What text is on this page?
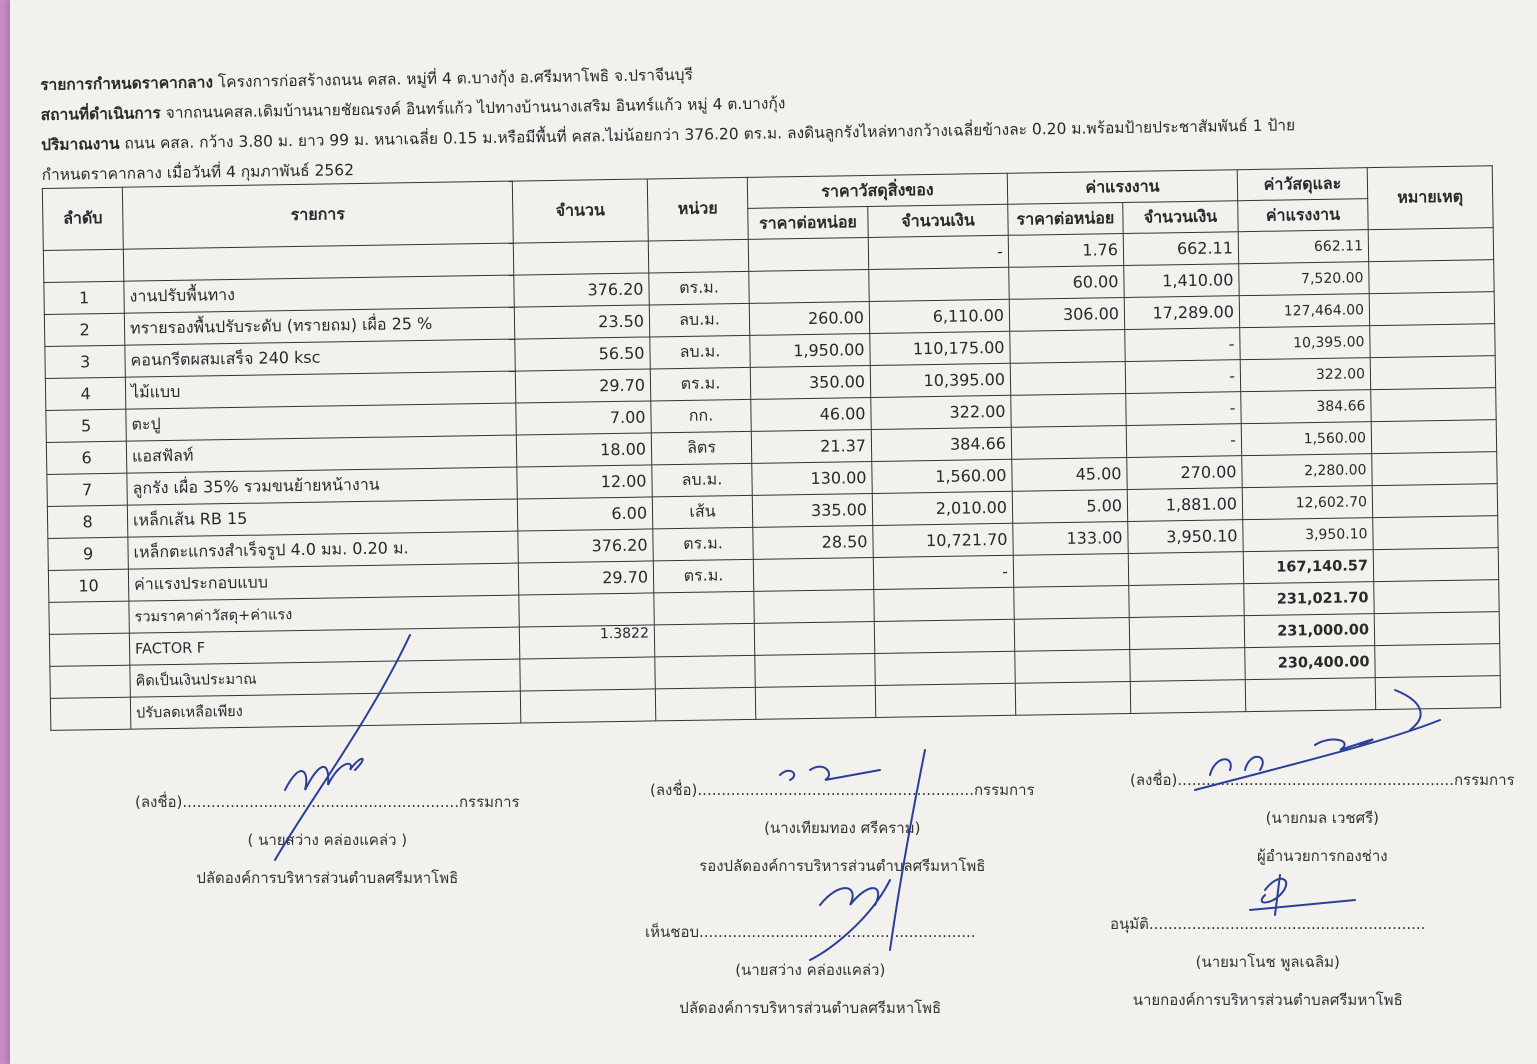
รายการกำหนดราคากลาง โครงการก่อสร้างถนน คสล. หมู่ที่ 4 ต.บางกุ้ง อ.ศรีมหาโพธิ จ.ปราจีนบุรี
สถานที่ดำเนินการ จากถนนคสล.เดิมบ้านนายชัยณรงค์ อินทร์แก้ว ไปทางบ้านนางเสริม อินทร์แก้ว หมู่ 4 ต.บางกุ้ง
ปริมาณงาน ถนน คสล. กว้าง 3.80 ม. ยาว 99 ม. หนาเฉลี่ย 0.15 ม.หรือมีพื้นที่ คสล.ไม่น้อยกว่า 376.20 ตร.ม. ลงดินลูกรังไหล่ทางกว้างเฉลี่ยข้างละ 0.20 ม.พร้อมป้ายประชาสัมพันธ์ 1 ป้าย
กำหนดราคากลาง เมื่อวันที่ 4 กุมภาพันธ์ 2562
ลำดับ	รายการ	จำนวน	หน่วย	ราคาวัสดุสิ่งของ		ค่าแรงงาน		ค่าวัสดุและ	หมายเหตุ
				ราคาต่อหน่อย	จำนวนเงิน	ราคาต่อหน่อย	จำนวนเงิน	ค่าแรงงาน	
					-	1.76	662.11	662.11	
1	งานปรับพื้นทาง	376.20	ตร.ม.			60.00	1,410.00	7,520.00	
2	ทรายรองพื้นปรับระดับ (ทรายถม) เผื่อ 25 %	23.50	ลบ.ม.	260.00	6,110.00	306.00	17,289.00	127,464.00	
3	คอนกรีตผสมเสร็จ 240 ksc	56.50	ลบ.ม.	1,950.00	110,175.00		-	10,395.00	
4	ไม้แบบ	29.70	ตร.ม.	350.00	10,395.00		-	322.00	
5	ตะปู	7.00	กก.	46.00	322.00		-	384.66	
6	แอสฟัลท์	18.00	ลิตร	21.37	384.66		-	1,560.00	
7	ลูกรัง เผื่อ 35% รวมขนย้ายหน้างาน	12.00	ลบ.ม.	130.00	1,560.00	45.00	270.00	2,280.00	
8	เหล็กเส้น RB 15	6.00	เส้น	335.00	2,010.00	5.00	1,881.00	12,602.70	
9	เหล็กตะแกรงสำเร็จรูป 4.0 มม. 0.20 ม.	376.20	ตร.ม.	28.50	10,721.70	133.00	3,950.10	3,950.10	
10	ค่าแรงประกอบแบบ	29.70	ตร.ม.		-			167,140.57	
	รวมราคาค่าวัสดุ+ค่าแรง							231,021.70	
	FACTOR F	1.3822						231,000.00	
	คิดเป็นเงินประมาณ							230,400.00	
	ปรับลดเหลือเพียง								
(ลงชื่อ)..........................................................กรรมการ
( นายสว่าง คล่องแคล่ว )
ปลัดองค์การบริหารส่วนตำบลศรีมหาโพธิ
(ลงชื่อ)..........................................................กรรมการ
(นางเทียมทอง ศรีคราม)
รองปลัดองค์การบริหารส่วนตำบลศรีมหาโพธิ
(ลงชื่อ)..........................................................กรรมการ
(นายกมล เวชศรี)
ผู้อำนวยการกองช่าง
เห็นชอบ..........................................................
(นายสว่าง คล่องแคล่ว)
ปลัดองค์การบริหารส่วนตำบลศรีมหาโพธิ
อนุมัติ..........................................................
(นายมาโนช พูลเฉลิม)
นายกองค์การบริหารส่วนตำบลศรีมหาโพธิ
